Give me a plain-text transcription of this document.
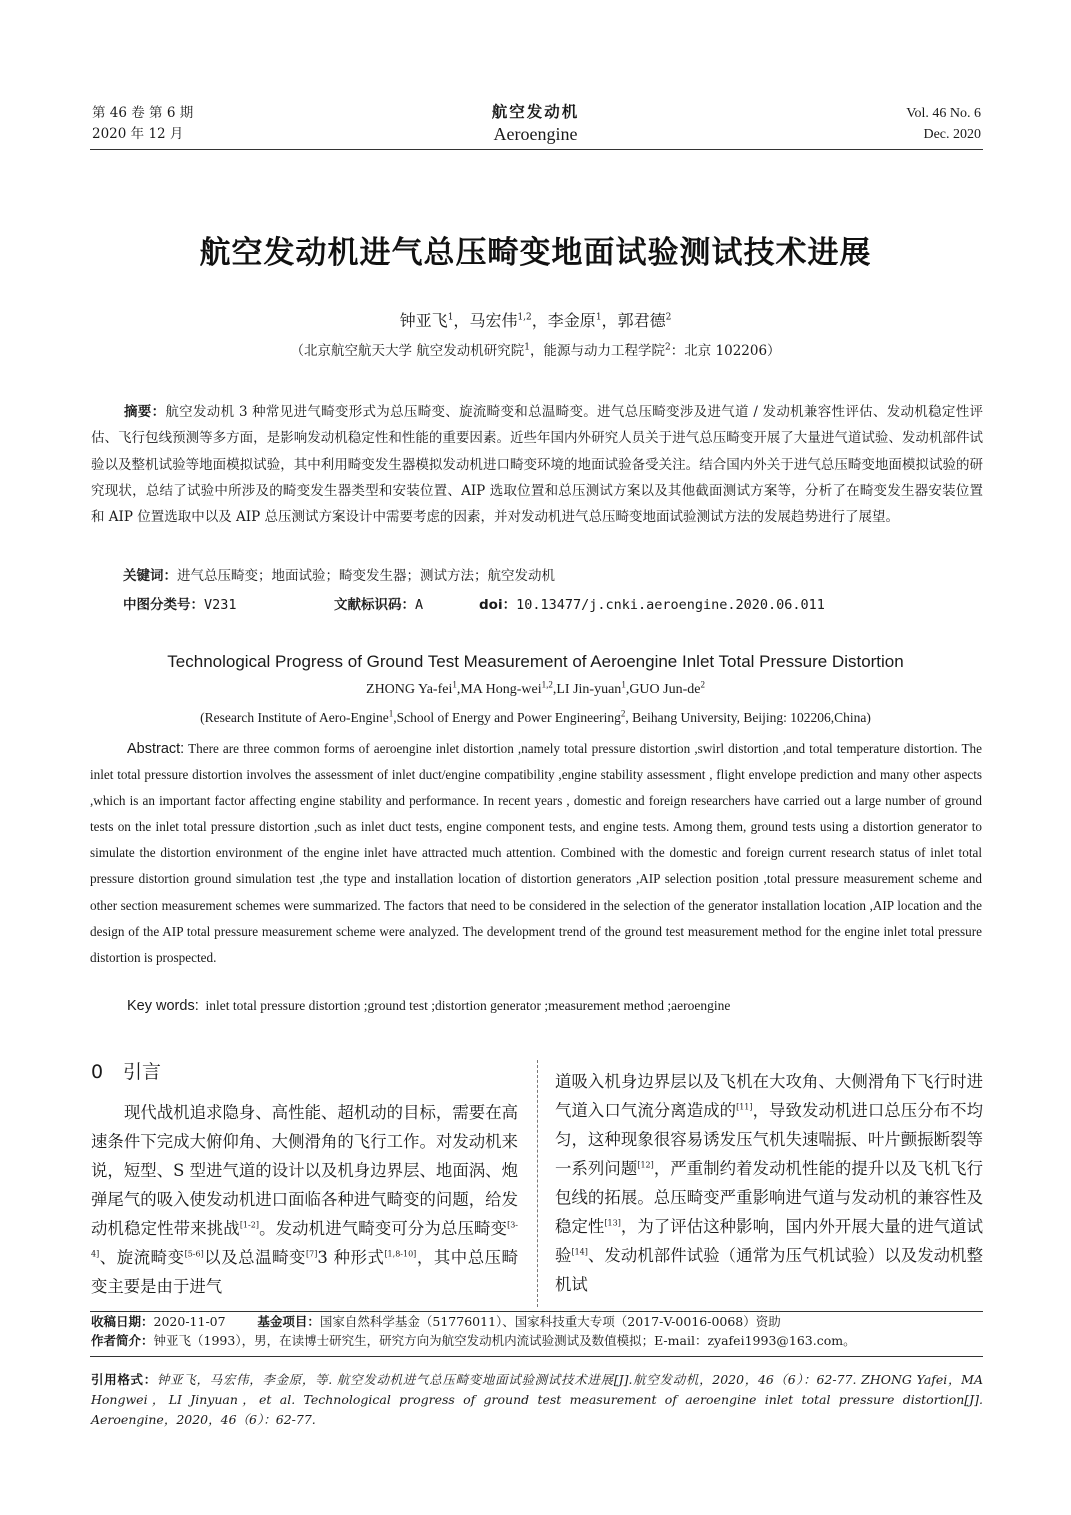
第 46 卷 第 6 期
2020 年 12 月
航空发动机
Aeroengine
Vol. 46 No. 6
Dec. 2020
航空发动机进气总压畸变地面试验测试技术进展
钟亚飞$^1$，马宏伟$^{1,2}$，李金原$^1$，郭君德$^2$
（北京航空航天大学 航空发动机研究院$^1$，能源与动力工程学院$^2$：北京 102206）
摘要：航空发动机 3 种常见进气畸变形式为总压畸变、旋流畸变和总温畸变。进气总压畸变涉及进气道 / 发动机兼容性评估、发动机稳定性评估、飞行包线预测等多方面，是影响发动机稳定性和性能的重要因素。近些年国内外研究人员关于进气总压畸变开展了大量进气道试验、发动机部件试验以及整机试验等地面模拟试验，其中利用畸变发生器模拟发动机进口畸变环境的地面试验备受关注。结合国内外关于进气总压畸变地面模拟试验的研究现状，总结了试验中所涉及的畸变发生器类型和安装位置、AIP 选取位置和总压测试方案以及其他截面测试方案等，分析了在畸变发生器安装位置和 AIP 位置选取中以及 AIP 总压测试方案设计中需要考虑的因素，并对发动机进气总压畸变地面试验测试方法的发展趋势进行了展望。
关键词：进气总压畸变；地面试验；畸变发生器；测试方法；航空发动机
中图分类号：V231	文献标识码：A	doi：10.13477/j.cnki.aeroengine.2020.06.011
Technological Progress of Ground Test Measurement of Aeroengine Inlet Total Pressure Distortion
ZHONG Ya-fei$^1$,MA Hong-wei$^{1,2}$,LI Jin-yuan$^1$,GUO Jun-$de^2$
(Research Institute of Aero-Engine$^1$,School of Energy and Power Engineering$^2$, Beihang University, Beijing: 102206,China)
Abstract: There are three common forms of aeroengine inlet distortion ,namely total pressure distortion ,swirl distortion ,and total temperature distortion. The inlet total pressure distortion involves the assessment of inlet duct/engine compatibility ,engine stability assessment , flight envelope prediction and many other aspects ,which is an important factor affecting engine stability and performance. In recent years , domestic and foreign researchers have carried out a large number of ground tests on the inlet total pressure distortion ,such as inlet duct tests, engine component tests, and engine tests. Among them, ground tests using a distortion generator to simulate the distortion environment of the engine inlet have attracted much attention. Combined with the domestic and foreign current research status of inlet total pressure distortion ground simulation test ,the type and installation location of distortion generators ,AIP selection position ,total pressure measurement scheme and other section measurement schemes were summarized. The factors that need to be considered in the selection of the generator installation location ,AIP location and the design of the AIP total pressure measurement scheme were analyzed. The development trend of the ground test measurement method for the engine inlet total pressure distortion is prospected.
Key words: inlet total pressure distortion ;ground test ;distortion generator ;measurement method ;aeroengine
0 引言
现代战机追求隐身、高性能、超机动的目标，需要在高速条件下完成大俯仰角、大侧滑角的飞行工作。对发动机来说，短型、S 型进气道的设计以及机身边界层、地面涡、炮弹尾气的吸入使发动机进口面临各种进气畸变的问题，给发动机稳定性带来挑战[1-2]。发动机进气畸变可分为总压畸变[3-4]、旋流畸变[5-6]以及总温畸变[7]3 种形式[1,8-10]，其中总压畸变主要是由于进气
道吸入机身边界层以及飞机在大攻角、大侧滑角下飞行时进气道入口气流分离造成的[11]，导致发动机进口总压分布不均匀，这种现象很容易诱发压气机失速喘振、叶片颤振断裂等一系列问题[12]，严重制约着发动机性能的提升以及飞机飞行包线的拓展。总压畸变严重影响进气道与发动机的兼容性及稳定性[13]，为了评估这种影响，国内外开展大量的进气道试验[14]、发动机部件试验（通常为压气机试验）以及发动机整机试
收稿日期：2020-11-07	基金项目：国家自然科学基金（51776011）、国家科技重大专项（2017-V-0016-0068）资助
作者简介：钟亚飞（1993），男，在读博士研究生，研究方向为航空发动机内流试验测试及数值模拟；E-mail：zyafei1993@163.com。
引用格式：钟亚飞，马宏伟，李金原，等. 航空发动机进气总压畸变地面试验测试技术进展[J].航空发动机，2020，46（6）：62-77. ZHONG Yafei，MA Hongwei，LI Jinyuan，et al. Technological progress of ground test measurement of aeroengine inlet total pressure distortion[J]. Aeroengine，2020，46（6）：62-77.
